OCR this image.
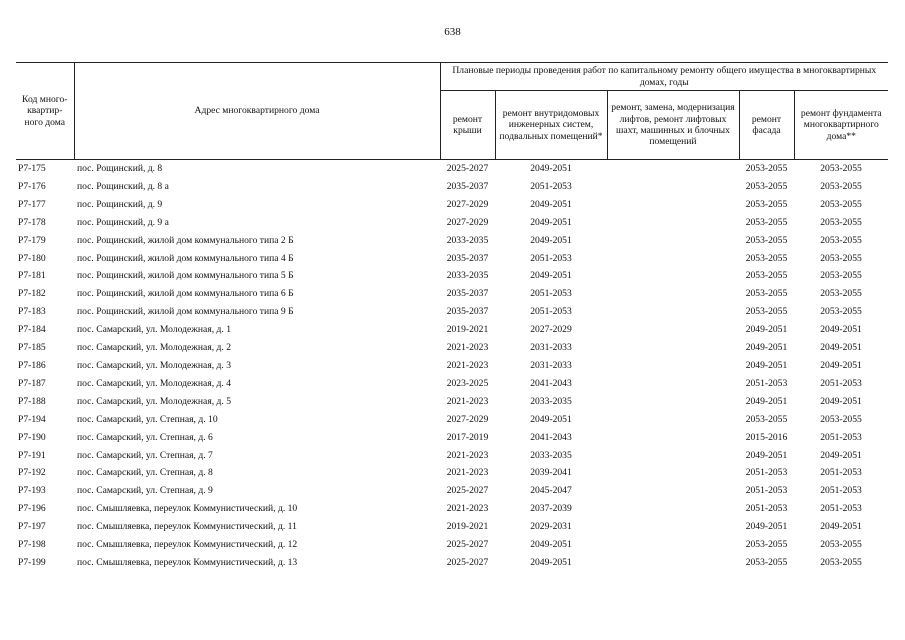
638
Код много-квартир-ного дома	Адрес многоквартирного дома	Плановые периоды проведения работ по капитальному ремонту общего имущества в многоквартирных домах, годы				
		ремонт крыши	ремонт внутридомовых инженерных систем, подвальных помещений*	ремонт, замена, модернизация лифтов, ремонт лифтовых шахт, машинных и блочных помещений	ремонт фасада	ремонт фундамента многоквартирного дома**
Р7-175	пос. Рощинский, д. 8	2025-2027	2049-2051		2053-2055	2053-2055
Р7-176	пос. Рощинский, д. 8 а	2035-2037	2051-2053		2053-2055	2053-2055
Р7-177	пос. Рощинский, д. 9	2027-2029	2049-2051		2053-2055	2053-2055
Р7-178	пос. Рощинский, д. 9 а	2027-2029	2049-2051		2053-2055	2053-2055
Р7-179	пос. Рощинский, жилой дом коммунального типа 2 Б	2033-2035	2049-2051		2053-2055	2053-2055
Р7-180	пос. Рощинский, жилой дом коммунального типа 4 Б	2035-2037	2051-2053		2053-2055	2053-2055
Р7-181	пос. Рощинский, жилой дом коммунального типа 5 Б	2033-2035	2049-2051		2053-2055	2053-2055
Р7-182	пос. Рощинский, жилой дом коммунального типа 6 Б	2035-2037	2051-2053		2053-2055	2053-2055
Р7-183	пос. Рощинский, жилой дом коммунального типа 9 Б	2035-2037	2051-2053		2053-2055	2053-2055
Р7-184	пос. Самарский, ул. Молодежная, д. 1	2019-2021	2027-2029		2049-2051	2049-2051
Р7-185	пос. Самарский, ул. Молодежная, д. 2	2021-2023	2031-2033		2049-2051	2049-2051
Р7-186	пос. Самарский, ул. Молодежная, д. 3	2021-2023	2031-2033		2049-2051	2049-2051
Р7-187	пос. Самарский, ул. Молодежная, д. 4	2023-2025	2041-2043		2051-2053	2051-2053
Р7-188	пос. Самарский, ул. Молодежная, д. 5	2021-2023	2033-2035		2049-2051	2049-2051
Р7-194	пос. Самарский, ул. Степная, д. 10	2027-2029	2049-2051		2053-2055	2053-2055
Р7-190	пос. Самарский, ул. Степная, д. 6	2017-2019	2041-2043		2015-2016	2051-2053
Р7-191	пос. Самарский, ул. Степная, д. 7	2021-2023	2033-2035		2049-2051	2049-2051
Р7-192	пос. Самарский, ул. Степная, д. 8	2021-2023	2039-2041		2051-2053	2051-2053
Р7-193	пос. Самарский, ул. Степная, д. 9	2025-2027	2045-2047		2051-2053	2051-2053
Р7-196	пос. Смышляевка, переулок Коммунистический, д. 10	2021-2023	2037-2039		2051-2053	2051-2053
Р7-197	пос. Смышляевка, переулок Коммунистический, д. 11	2019-2021	2029-2031		2049-2051	2049-2051
Р7-198	пос. Смышляевка, переулок Коммунистический, д. 12	2025-2027	2049-2051		2053-2055	2053-2055
Р7-199	пос. Смышляевка, переулок Коммунистический, д. 13	2025-2027	2049-2051		2053-2055	2053-2055
